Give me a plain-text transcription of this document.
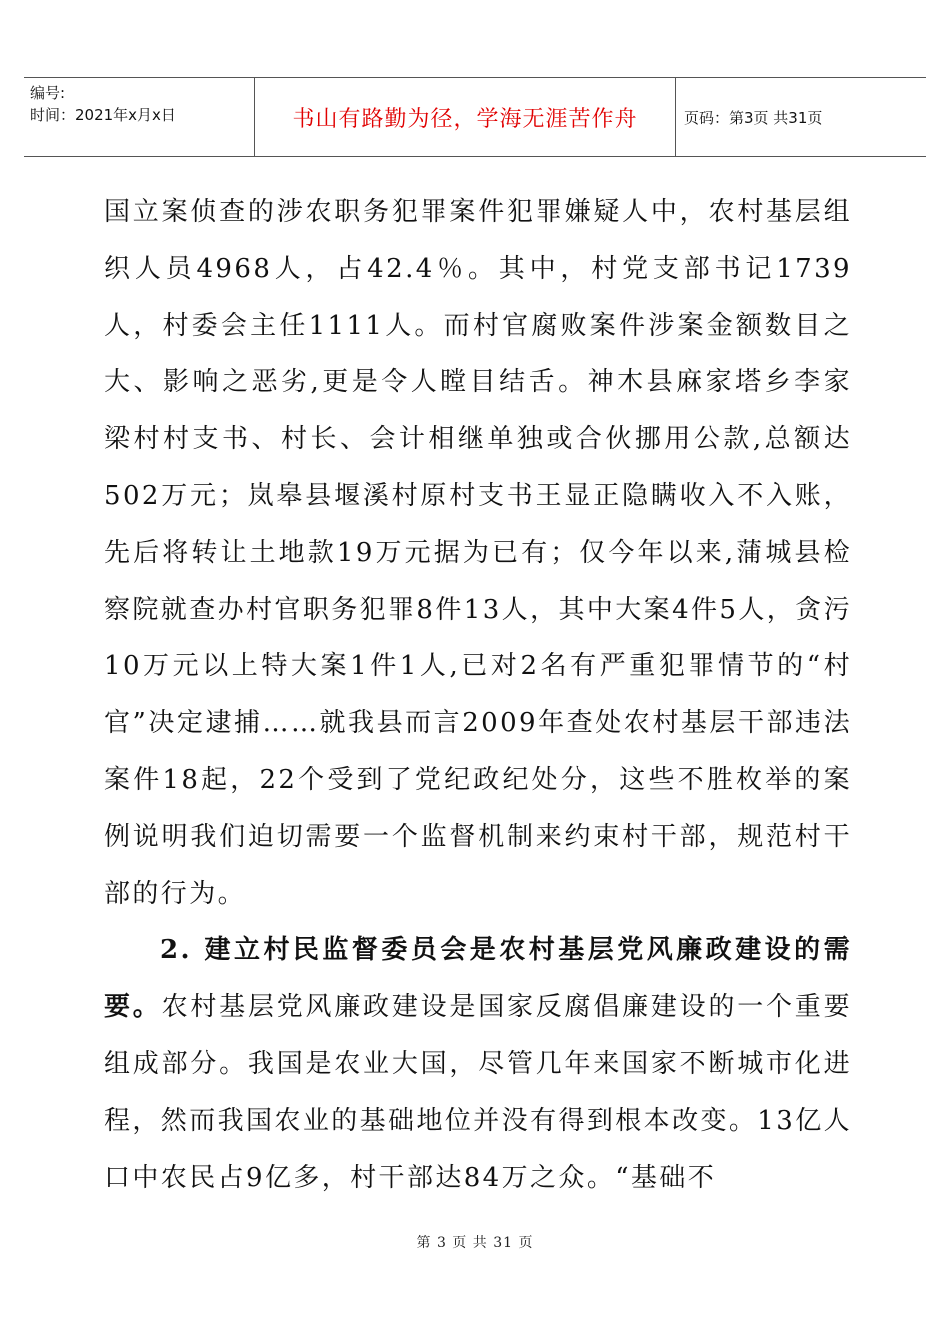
编号:
时间：2021年x月x日	书山有路勤为径，学海无涯苦作舟	页码：第3页 共31页

国立案侦查的涉农职务犯罪案件犯罪嫌疑人中，农村基层组织人员4968人，占42.4％。其中，村党支部书记1739人，村委会主任1111人。而村官腐败案件涉案金额数目之大、影响之恶劣,更是令人瞠目结舌。神木县麻家塔乡李家梁村村支书、村长、会计相继单独或合伙挪用公款,总额达502万元；岚皋县堰溪村原村支书王显正隐瞒收入不入账，先后将转让土地款19万元据为已有；仅今年以来,蒲城县检察院就查办村官职务犯罪8件13人，其中大案4件5人，贪污10万元以上特大案1件1人,已对2名有严重犯罪情节的“村官”决定逮捕……就我县而言2009年查处农村基层干部违法案件18起，22个受到了党纪政纪处分，这些不胜枚举的案例说明我们迫切需要一个监督机制来约束村干部，规范村干部的行为。

2. 建立村民监督委员会是农村基层党风廉政建设的需要。农村基层党风廉政建设是国家反腐倡廉建设的一个重要组成部分。我国是农业大国，尽管几年来国家不断城市化进程，然而我国农业的基础地位并没有得到根本改变。13亿人口中农民占9亿多，村干部达84万之众。“基础不

第 3 页 共 31 页
